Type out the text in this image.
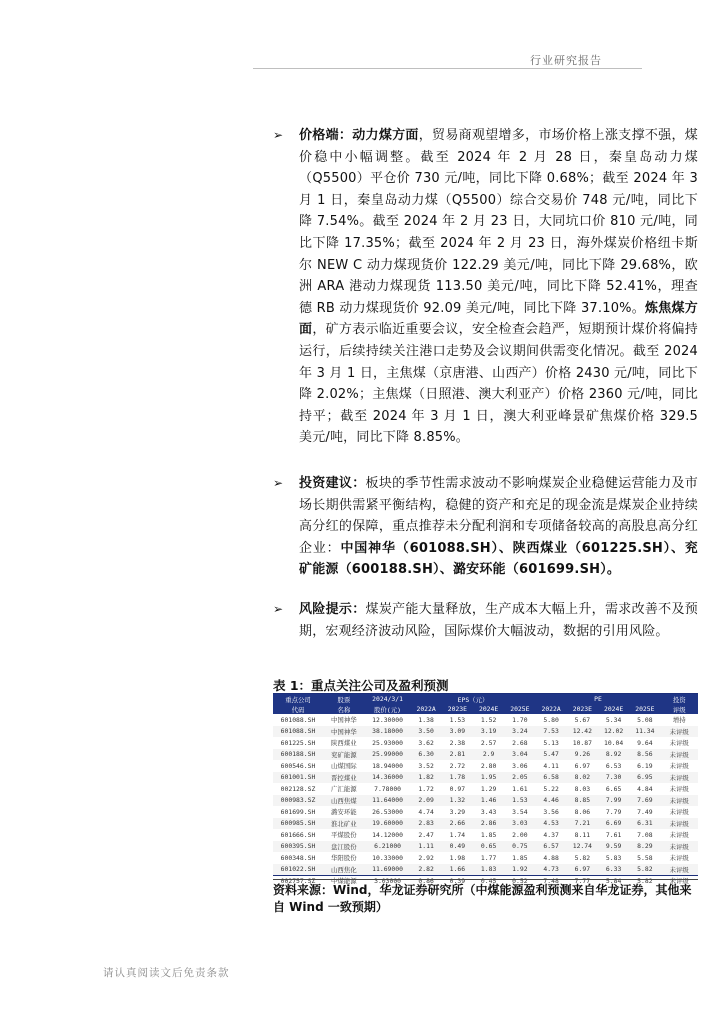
行业研究报告
➢	价格端：动力煤方面，贸易商观望增多，市场价格上涨支撑不强，煤价稳中小幅调整。截至 2024 年 2 月 28 日，秦皇岛动力煤（Q5500）平仓价 730 元/吨，同比下降 0.68%；截至 2024 年 3 月 1 日，秦皇岛动力煤（Q5500）综合交易价 748 元/吨，同比下降 7.54%。截至 2024 年 2 月 23 日，大同坑口价 810 元/吨，同比下降 17.35%；截至 2024 年 2 月 23 日，海外煤炭价格纽卡斯尔 NEW C 动力煤现货价 122.29 美元/吨，同比下降 29.68%，欧洲 ARA 港动力煤现货 113.50 美元/吨，同比下降 52.41%，理查德 RB 动力煤现货价 92.09 美元/吨，同比下降 37.10%。炼焦煤方面，矿方表示临近重要会议，安全检查会趋严，短期预计煤价将偏持运行，后续持续关注港口走势及会议期间供需变化情况。截至 2024 年 3 月 1 日，主焦煤（京唐港、山西产）价格 2430 元/吨，同比下降 2.02%；主焦煤（日照港、澳大利亚产）价格 2360 元/吨，同比持平；截至 2024 年 3 月 1 日，澳大利亚峰景矿焦煤价格 329.5 美元/吨，同比下降 8.85%。

➢	投资建议：板块的季节性需求波动不影响煤炭企业稳健运营能力及市场长期供需紧平衡结构，稳健的资产和充足的现金流是煤炭企业持续高分红的保障，重点推荐未分配利润和专项储备较高的高股息高分红企业：中国神华（601088.SH）、陕西煤业（601225.SH）、兖矿能源（600188.SH）、潞安环能（601699.SH）。

➢	风险提示：煤炭产能大量释放，生产成本大幅上升，需求改善不及预期，宏观经济波动风险，国际煤价大幅波动，数据的引用风险。

表 1：重点关注公司及盈利预测
重点公司	股票	2024/3/1	EPS（元）				PE				投资
代码	名称	股价(元)	2022A	2023E	2024E	2025E	2022A	2023E	2024E	2025E	评级
601088.SH	中国神华	12.30000	1.38	1.53	1.52	1.70	5.80	5.67	5.34	5.08	增持
601088.SH	中国神华	38.18000	3.50	3.09	3.19	3.24	7.53	12.42	12.02	11.34	未评级
601225.SH	陕西煤业	25.93000	3.62	2.38	2.57	2.68	5.13	10.87	10.04	9.64	未评级
600188.SH	兖矿能源	25.99000	6.30	2.81	2.9	3.04	5.47	9.26	8.92	8.56	未评级
600546.SH	山煤国际	18.94000	3.52	2.72	2.80	3.06	4.11	6.97	6.53	6.19	未评级
601001.SH	晋控煤业	14.36000	1.82	1.78	1.95	2.05	6.58	8.02	7.30	6.95	未评级
002128.SZ	广汇能源	7.78000	1.72	0.97	1.29	1.61	5.22	8.03	6.65	4.84	未评级
000983.SZ	山西焦煤	11.64000	2.09	1.32	1.46	1.53	4.46	8.85	7.99	7.69	未评级
601699.SH	潞安环能	26.53000	4.74	3.29	3.43	3.54	3.56	8.06	7.79	7.49	未评级
600985.SH	淮北矿业	19.60000	2.83	2.66	2.86	3.03	4.53	7.21	6.69	6.31	未评级
601666.SH	平煤股份	14.12000	2.47	1.74	1.85	2.00	4.37	8.11	7.61	7.08	未评级
600395.SH	盘江股份	6.21000	1.11	0.49	0.65	0.75	6.57	12.74	9.59	8.29	未评级
600348.SH	华阳股份	10.33000	2.92	1.98	1.77	1.85	4.88	5.82	5.83	5.58	未评级
601022.SH	山西焦化	11.69000	2.82	1.66	1.83	1.92	4.73	6.97	6.33	5.82	未评级
002757.SZ	中煤能源	3.03000	0.86	0.39	0.45	0.52	7.48	7.77	5.84	5.82	未评级
资料来源：Wind，华龙证券研究所（中煤能源盈利预测来自华龙证券，其他来自 Wind 一致预期）
请认真阅读文后免责条款
